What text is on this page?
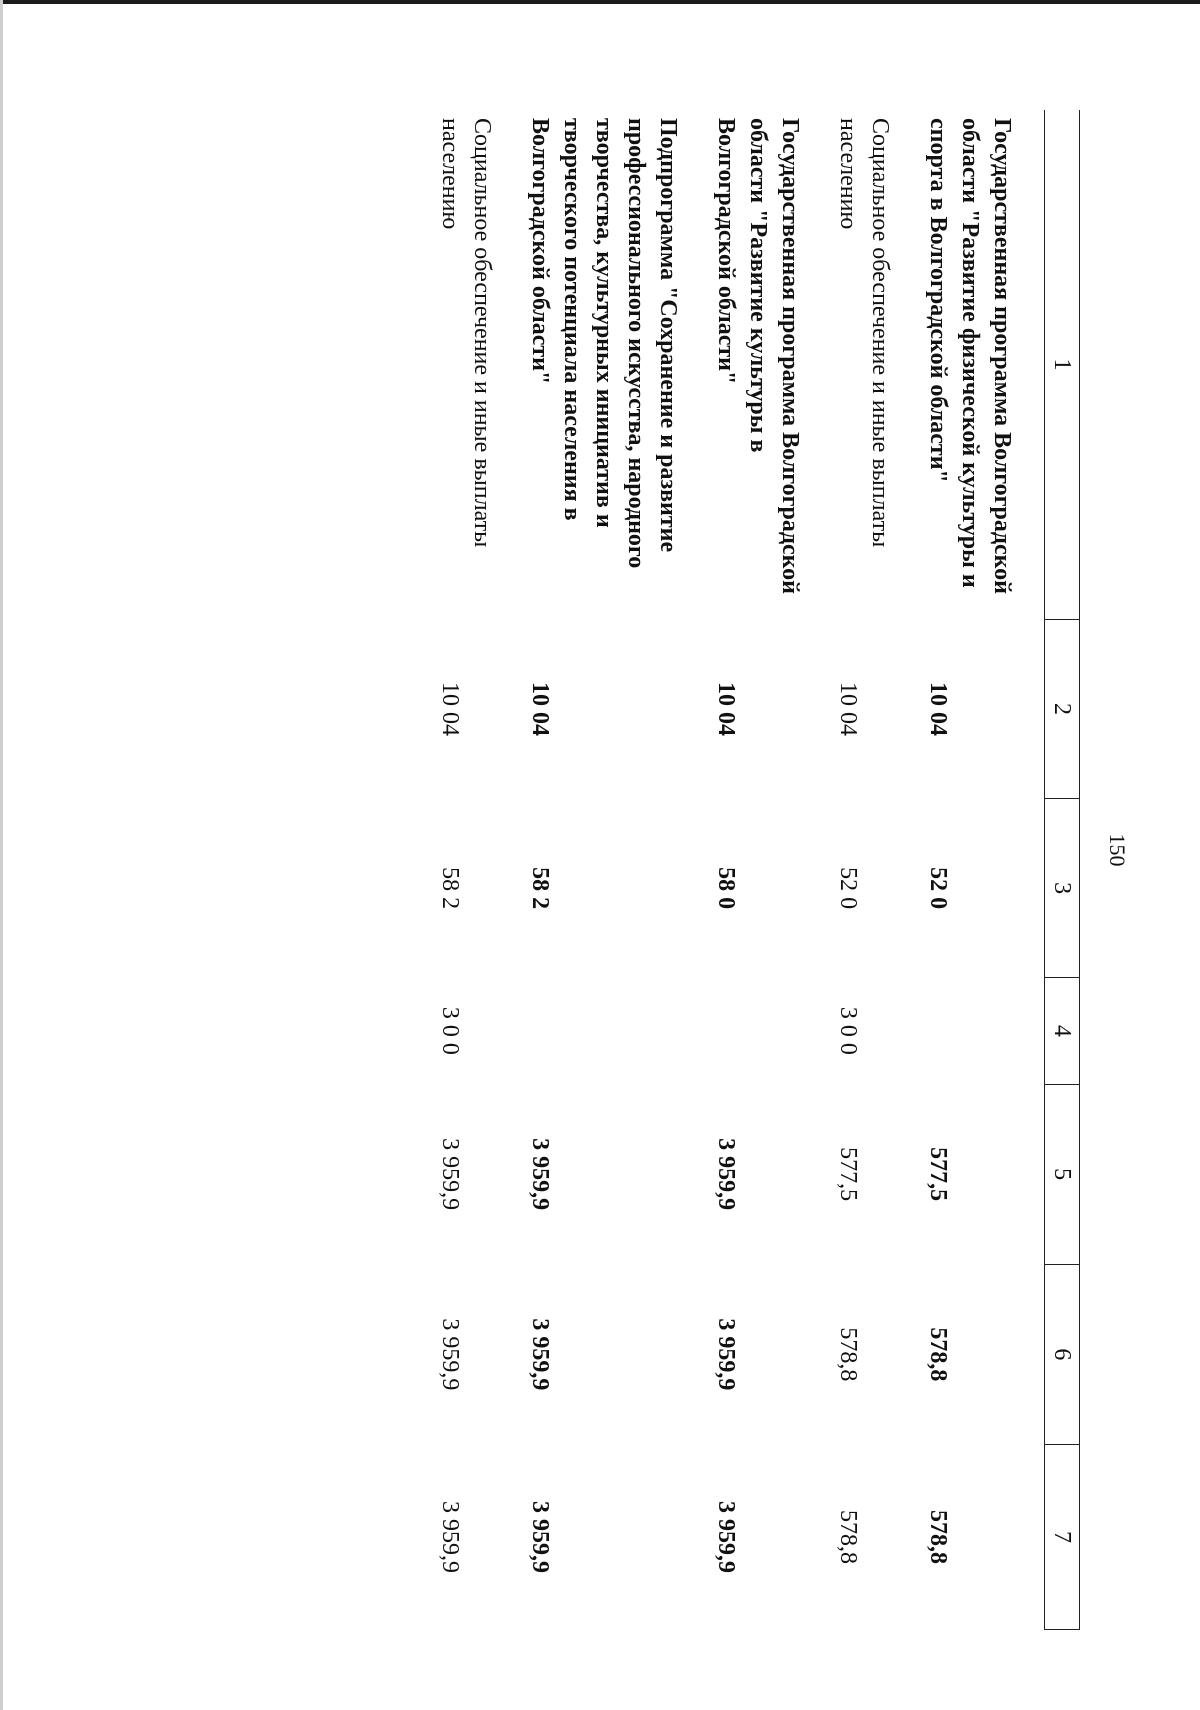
150
1	2	3	4	5	6	7
Государственная программа Волгоградской области "Развитие физической культуры и спорта в Волгоградской области"	10 04	52 0		577,5	578,8	578,8
Социальное обеспечение и иные выплаты населению	10 04	52 0	3 0 0	577,5	578,8	578,8
Государственная программа Волгоградской области "Развитие культуры в Волгоградской области"	10 04	58 0		3 959,9	3 959,9	3 959,9
Подпрограмма "Сохранение и развитие профессионального искусства, народного творчества, культурных инициатив и творческого потенциала населения в Волгоградской области"	10 04	58 2		3 959,9	3 959,9	3 959,9
Социальное обеспечение и иные выплаты населению	10 04	58 2	3 0 0	3 959,9	3 959,9	3 959,9
